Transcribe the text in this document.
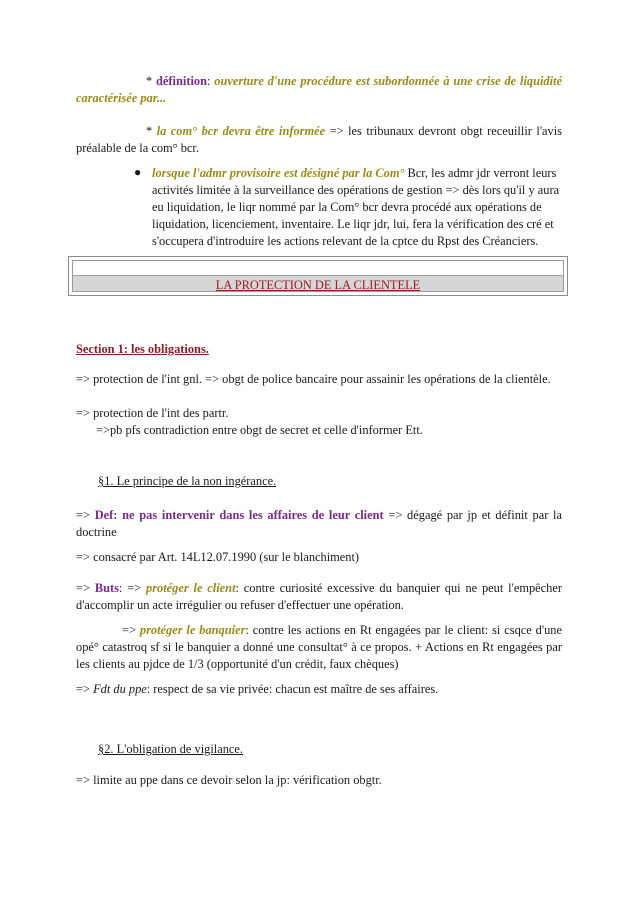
* définition: ouverture d'une procédure est subordonnée à une crise de liquidité caractérisée par...

* la com° bcr devra être informée => les tribunaux devront obgt receuillir l'avis préalable de la com° bcr.

● lorsque l'admr provisoire est désigné par la Com° Bcr, les admr jdr verront leurs activités limitée à la surveillance des opérations de gestion => dès lors qu'il y aura eu liquidation, le liqr nommé par la Com° bcr devra procédé aux opérations de liquidation, licenciement, inventaire. Le liqr jdr, lui, fera la vérification des cré et s'occupera d'introduire les actions relevant de la cptce du Rpst des Créanciers.

LA PROTECTION DE LA CLIENTELE

Section 1: les obligations.

=> protection de l'int gnl. => obgt de police bancaire pour assainir les opérations de la clientèle.

=> protection de l'int des partr.

=>pb pfs contradiction entre obgt de secret et celle d'informer Ett.

§1. Le principe de la non ingérance.

=> Def: ne pas intervenir dans les affaires de leur client => dégagé par jp et définit par la doctrine

=> consacré par Art. 14L12.07.1990 (sur le blanchiment)

=> Buts: => protéger le client: contre curiosité excessive du banquier qui ne peut l'empêcher d'accomplir un acte irrégulier ou refuser d'effectuer une opération.

=> protéger le banquier: contre les actions en Rt engagées par le client: si csqce d'une opé° catastroq sf si le banquier a donné une consultat° à ce propos. + Actions en Rt engagées par les clients au pjdce de 1/3 (opportunité d'un crédit, faux chèques)

=> Fdt du ppe: respect de sa vie privée: chacun est maître de ses affaires.

§2. L'obligation de vigilance.

=> limite au ppe dans ce devoir selon la jp: vérification obgtr.
